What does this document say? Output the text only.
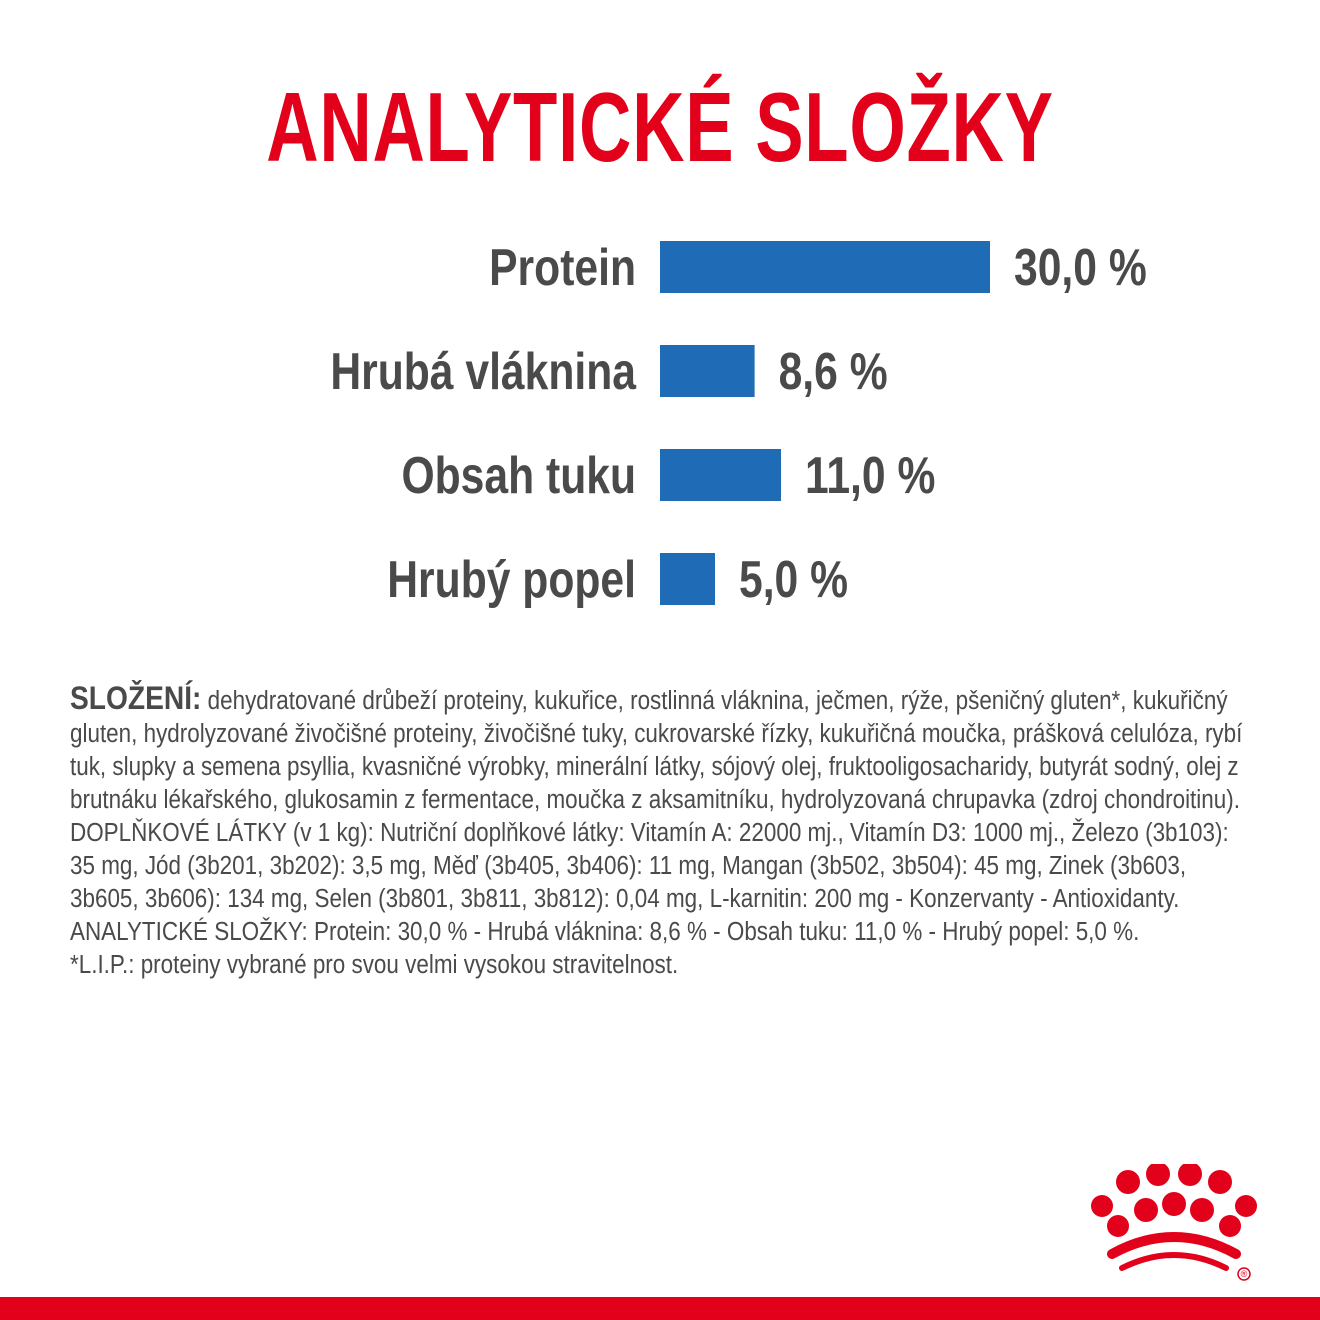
ANALYTICKÉ SLOŽKY
Protein	30,0 %
Hrubá vláknina	8,6 %
Obsah tuku	11,0 %
Hrubý popel 5,0 %

SLOŽENÍ: dehydratované drůbeží proteiny, kukuřice, rostlinná vláknina, ječmen, rýže, pšeničný gluten*, kukuřičný gluten, hydrolyzované živočišné proteiny, živočišné tuky, cukrovarské řízky, kukuřičná moučka, prášková celulóza, rybí tuk, slupky a semena psyllia, kvasničné výrobky, minerální látky, sójový olej, fruktooligosacharidy, butyrát sodný, olej z brutnáku lékařského, glukosamin z fermentace, moučka z aksamitníku, hydrolyzovaná chrupavka (zdroj chondroitinu).

DOPLŇKOVÉ LÁTKY (v 1 kg): Nutriční doplňkové látky: Vitamín A: 22000 mj., Vitamín D3: 1000 mj., Železo (3b103): 35 mg, Jód (3b201, 3b202): 3,5 mg, Měď (3b405, 3b406): 11 mg, Mangan (3b502, 3b504): 45 mg, Zinek (3b603, 3b605, 3b606): 134 mg, Selen (3b801, 3b811, 3b812): 0,04 mg, L-karnitin: 200 mg - Konzervanty - Antioxidanty.

ANALYTICKÉ SLOŽKY: Protein: 30,0 % - Hrubá vláknina: 8,6 % - Obsah tuku: 11,0 % - Hrubý popel: 5,0 %.

*L.I.P.: proteiny vybrané pro svou velmi vysokou stravitelnost.

®
